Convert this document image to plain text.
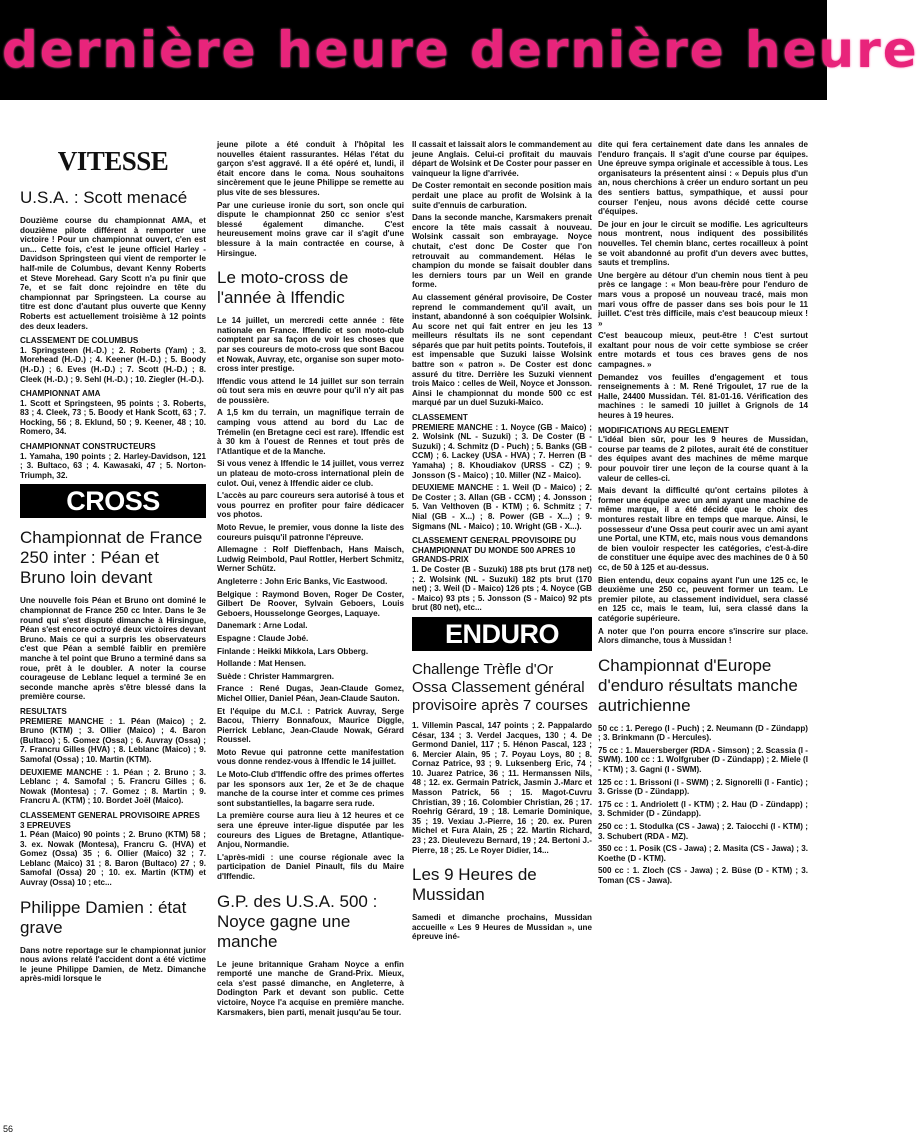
dernière heure dernière heure
VITESSE
U.S.A. : Scott menacé

Douzième course du championnat AMA, et douzième pilote différent à remporter une victoire ! Pour un championnat ouvert, c'en est un... Cette fois, c'est le jeune officiel Harley - Davidson Springsteen qui vient de remporter le half-mile de Columbus, devant Kenny Roberts et Steve Morehead. Gary Scott n'a pu finir que 7e, et se fait donc rejoindre en tête du championnat par Springsteen. La course au titre est donc d'autant plus ouverte que Kenny Roberts est actuellement troisième à 12 points des deux leaders.

CLASSEMENT DE COLUMBUS

1. Springsteen (H.-D.) ; 2. Roberts (Yam) ; 3. Morehead (H.-D.) ; 4. Keener (H.-D.) ; 5. Boody (H.-D.) ; 6. Eves (H.-D.) ; 7. Scott (H.-D.) ; 8. Cleek (H.-D.) ; 9. Sehl (H.-D.) ; 10. Ziegler (H.-D.).

CHAMPIONNAT AMA

1. Scott et Springsteen, 95 points ; 3. Roberts, 83 ; 4. Cleek, 73 ; 5. Boody et Hank Scott, 63 ; 7. Hocking, 56 ; 8. Eklund, 50 ; 9. Keener, 48 ; 10. Romero, 34.

CHAMPIONNAT CONSTRUCTEURS

1. Yamaha, 190 points ; 2. Harley-Davidson, 121 ; 3. Bultaco, 63 ; 4. Kawasaki, 47 ; 5. Norton-Triumph, 32.

CROSS
Championnat de France 250 inter : Péan et Bruno loin devant

Une nouvelle fois Péan et Bruno ont dominé le championnat de France 250 cc Inter. Dans le 3e round qui s'est disputé dimanche à Hirsingue, Péan s'est encore octroyé deux victoires devant Bruno. Mais ce qui a surpris les observateurs c'est que Péan a semblé faiblir en première manche à tel point que Bruno a terminé dans sa roue, prêt à le doubler. A noter la course courageuse de Leblanc lequel a terminé 3e en seconde manche après s'être blessé dans la première course.

RESULTATS

PREMIERE MANCHE : 1. Péan (Maico) ; 2. Bruno (KTM) ; 3. Ollier (Maico) ; 4. Baron (Bultaco) ; 5. Gomez (Ossa) ; 6. Auvray (Ossa) ; 7. Francru Gilles (HVA) ; 8. Leblanc (Maico) ; 9. Samofal (Ossa) ; 10. Martin (KTM).

DEUXIEME MANCHE : 1. Péan ; 2. Bruno ; 3. Leblanc ; 4. Samofal ; 5. Francru Gilles ; 6. Nowak (Montesa) ; 7. Gomez ; 8. Martin ; 9. Francru A. (KTM) ; 10. Bordet Joël (Maico).

CLASSEMENT GENERAL PROVISOIRE APRES 3 EPREUVES

1. Péan (Maico) 90 points ; 2. Bruno (KTM) 58 ; 3. ex. Nowak (Montesa), Francru G. (HVA) et Gomez (Ossa) 35 ; 6. Ollier (Maico) 32 ; 7. Leblanc (Maico) 31 ; 8. Baron (Bultaco) 27 ; 9. Samofal (Ossa) 20 ; 10. ex. Martin (KTM) et Auvray (Ossa) 10 ; etc...

Philippe Damien : état grave

Dans notre reportage sur le championnat junior nous avions relaté l'accident dont a été victime le jeune Philippe Damien, de Metz. Dimanche après-midi lorsque le

jeune pilote a été conduit à l'hôpital les nouvelles étaient rassurantes. Hélas l'état du garçon s'est aggravé. Il a été opéré et, lundi, il était encore dans le coma. Nous souhaitons sincèrement que le jeune Philippe se remette au plus vite de ses blessures.

Par une curieuse ironie du sort, son oncle qui dispute le championnat 250 cc senior s'est blessé également dimanche. C'est heureusement moins grave car il s'agit d'une blessure à la main contractée en course, à Hirsingue.

Le moto-cross de l'année à Iffendic

Le 14 juillet, un mercredi cette année : fête nationale en France. Iffendic et son moto-club comptent par sa façon de voir les choses que par ses coureurs de moto-cross que sont Bacou et Nowak, Auvray, etc, organise son super moto-cross inter prestige.

Iffendic vous attend le 14 juillet sur son terrain où tout sera mis en œuvre pour qu'il n'y ait pas de poussière.

A 1,5 km du terrain, un magnifique terrain de camping vous attend au bord du Lac de Trémelin (en Bretagne ceci est rare). Iffendic est à 30 km à l'ouest de Rennes et tout près de l'Atlantique et de la Manche.

Si vous venez à Iffendic le 14 juillet, vous verrez un plateau de moto-cross international plein de culot. Oui, venez à Iffendic aider ce club.

L'accès au parc coureurs sera autorisé à tous et vous pourrez en profiter pour faire dédicacer vos photos.

Moto Revue, le premier, vous donne la liste des coureurs puisqu'il patronne l'épreuve.

Allemagne : Rolf Dieffenbach, Hans Maisch, Ludwig Reimbold, Paul Rottler, Herbert Schmitz, Werner Schütz.

Angleterre : John Eric Banks, Vic Eastwood.

Belgique : Raymond Boven, Roger De Coster, Gilbert De Roover, Sylvain Geboers, Louis Geboers, Housselonge Georges, Laquaye.

Danemark : Arne Lodal.

Espagne : Claude Jobé.

Finlande : Heikki Mikkola, Lars Obberg.

Hollande : Mat Hensen.

Suède : Christer Hammargren.

France : René Dugas, Jean-Claude Gomez, Michel Ollier, Daniel Péan, Jean-Claude Sauton.

Et l'équipe du M.C.I. : Patrick Auvray, Serge Bacou, Thierry Bonnafoux, Maurice Diggle, Pierrick Leblanc, Jean-Claude Nowak, Gérard Roussel.

Moto Revue qui patronne cette manifestation vous donne rendez-vous à Iffendic le 14 juillet.

Le Moto-Club d'Iffendic offre des primes offertes par les sponsors aux 1er, 2e et 3e de chaque manche de la course inter et comme ces primes sont substantielles, la bagarre sera rude.

La première course aura lieu à 12 heures et ce sera une épreuve inter-ligue disputée par les coureurs des Ligues de Bretagne, Atlantique-Anjou, Normandie.

L'après-midi : une course régionale avec la participation de Daniel Pinault, fils du Maire d'Iffendic.

G.P. des U.S.A. 500 : Noyce gagne une manche

Le jeune britannique Graham Noyce a enfin remporté une manche de Grand-Prix. Mieux, cela s'est passé dimanche, en Angleterre, à Dodington Park et devant son public. Cette victoire, Noyce l'a acquise en première manche. Karsmakers, bien parti, menait jusqu'au 5e tour.

Il cassait et laissait alors le commandement au jeune Anglais. Celui-ci profitait du mauvais départ de Wolsink et De Coster pour passer en vainqueur la ligne d'arrivée.

De Coster remontait en seconde position mais perdait une place au profit de Wolsink à la suite d'ennuis de carburation.

Dans la seconde manche, Karsmakers prenait encore la tête mais cassait à nouveau. Wolsink cassait son embrayage. Noyce chutait, c'est donc De Coster que l'on retrouvait au commandement. Hélas le champion du monde se faisait doubler dans les derniers tours par un Weil en grande forme.

Au classement général provisoire, De Coster reprend le commandement qu'il avait, un instant, abandonné à son coéquipier Wolsink. Au score net qui fait entrer en jeu les 13 meilleurs résultats ils ne sont cependant séparés que par huit petits points. Toutefois, il est impensable que Suzuki laisse Wolsink battre son « patron ». De Coster est donc assuré du titre. Derrière les Suzuki viennent trois Maico : celles de Weil, Noyce et Jonsson. Ainsi le championnat du monde 500 cc est marqué par un duel Suzuki-Maico.

CLASSEMENT

PREMIERE MANCHE : 1. Noyce (GB - Maico) ; 2. Wolsink (NL - Suzuki) ; 3. De Coster (B - Suzuki) ; 4. Schmitz (D - Puch) ; 5. Banks (GB - CCM) ; 6. Lackey (USA - HVA) ; 7. Herren (B - Yamaha) ; 8. Khoudiakov (URSS - CZ) ; 9. Jonsson (S - Maico) ; 10. Miller (NZ - Maico).

DEUXIEME MANCHE : 1. Weil (D - Maico) ; 2. De Coster ; 3. Allan (GB - CCM) ; 4. Jonsson ; 5. Van Velthoven (B - KTM) ; 6. Schmitz ; 7. Nial (GB - X...) ; 8. Power (GB - X...) ; 9. Sigmans (NL - Maico) ; 10. Wright (GB - X...).

CLASSEMENT GENERAL PROVISOIRE DU CHAMPIONNAT DU MONDE 500 APRES 10 GRANDS-PRIX

1. De Coster (B - Suzuki) 188 pts brut (178 net) ; 2. Wolsink (NL - Suzuki) 182 pts brut (170 net) ; 3. Weil (D - Maico) 126 pts ; 4. Noyce (GB - Maico) 93 pts ; 5. Jonsson (S - Maico) 92 pts brut (80 net), etc...

ENDURO
Challenge Trèfle d'Or Ossa Classement général provisoire après 7 courses

1. Villemin Pascal, 147 points ; 2. Pappalardo César, 134 ; 3. Verdel Jacques, 130 ; 4. De Germond Daniel, 117 ; 5. Hénon Pascal, 123 ; 6. Mercier Alain, 95 ; 7. Poyau Loys, 80 ; 8. Cornaz Patrice, 93 ; 9. Luksenberg Eric, 74 ; 10. Juarez Patrice, 36 ; 11. Hermanssen Nils, 48 ; 12. ex. Germain Patrick, Jasmin J.-Marc et Masson Patrick, 56 ; 15. Magot-Cuvru Christian, 39 ; 16. Colombier Christian, 26 ; 17. Roehrig Gérard, 19 ; 18. Lemarie Dominique, 35 ; 19. Vexiau J.-Pierre, 16 ; 20. ex. Puren Michel et Fura Alain, 25 ; 22. Martin Richard, 23 ; 23. Dieulevezu Bernard, 19 ; 24. Bertoni J.-Pierre, 18 ; 25. Le Royer Didier, 14...

Les 9 Heures de Mussidan

Samedi et dimanche prochains, Mussidan accueille « Les 9 Heures de Mussidan », une épreuve iné-

dite qui fera certainement date dans les annales de l'enduro français. Il s'agit d'une course par équipes. Une épreuve sympa originale et accessible à tous. Les organisateurs la présentent ainsi : « Depuis plus d'un an, nous cherchions à créer un enduro sortant un peu des sentiers battus, sympathique, et aussi pour courser l'enjeu, nous avons décidé cette course d'équipes.

De jour en jour le circuit se modifie. Les agriculteurs nous montrent, nous indiquent des possibilités nouvelles. Tel chemin blanc, certes rocailleux à point se voit abandonné au profit d'un devers avec buttes, sauts et tremplins.

Une bergère au détour d'un chemin nous tient à peu près ce langage : « Mon beau-frère pour l'enduro de mars vous a proposé un nouveau tracé, mais mon mari vous offre de passer dans ses bois pour le 11 juillet. C'est très difficile, mais c'est beaucoup mieux ! »

C'est beaucoup mieux, peut-être ! C'est surtout exaltant pour nous de voir cette symbiose se créer entre motards et tous ces braves gens de nos campagnes. »

Demandez vos feuilles d'engagement et tous renseignements à : M. René Trigoulet, 17 rue de la Halle, 24400 Mussidan. Tél. 81-01-16. Vérification des machines : le samedi 10 juillet à Grignols de 14 heures à 19 heures.

MODIFICATIONS AU REGLEMENT

L'idéal bien sûr, pour les 9 heures de Mussidan, course par teams de 2 pilotes, aurait été de constituer des équipes avant des machines de même marque pour pouvoir tirer une leçon de la course quant à la valeur de celles-ci.

Mais devant la difficulté qu'ont certains pilotes à former une équipe avec un ami ayant une machine de même marque, il a été décidé que le choix des montures restait libre en temps que marque. Ainsi, le possesseur d'une Ossa peut courir avec un ami ayant une Portal, une KTM, etc, mais nous vous demandons de bien vouloir respecter les catégories, c'est-à-dire de constituer une équipe avec des machines de 0 à 50 cc, de 50 à 125 et au-dessus.

Bien entendu, deux copains ayant l'un une 125 cc, le deuxième une 250 cc, peuvent former un team. Le premier pilote, au classement individuel, sera classé en 125 cc, mais le team, lui, sera classé dans la catégorie supérieure.

A noter que l'on pourra encore s'inscrire sur place. Alors dimanche, tous à Mussidan !

Championnat d'Europe d'enduro résultats manche autrichienne

50 cc : 1. Perego (I - Puch) ; 2. Neumann (D - Zündapp) ; 3. Brinkmann (D - Hercules).

75 cc : 1. Mauersberger (RDA - Simson) ; 2. Scassia (I - SWM). 100 cc : 1. Wolfgruber (D - Zündapp) ; 2. Miele (I - KTM) ; 3. Gagni (I - SWM).

125 cc : 1. Brissoni (I - SWM) ; 2. Signorelli (I - Fantic) ; 3. Grisse (D - Zündapp).

175 cc : 1. Andriolett (I - KTM) ; 2. Hau (D - Zündapp) ; 3. Schmider (D - Zündapp).

250 cc : 1. Stodulka (CS - Jawa) ; 2. Taiocchi (I - KTM) ; 3. Schubert (RDA - MZ).

350 cc : 1. Posik (CS - Jawa) ; 2. Masita (CS - Jawa) ; 3. Koethe (D - KTM).

500 cc : 1. Zloch (CS - Jawa) ; 2. Büse (D - KTM) ; 3. Toman (CS - Jawa).

56
